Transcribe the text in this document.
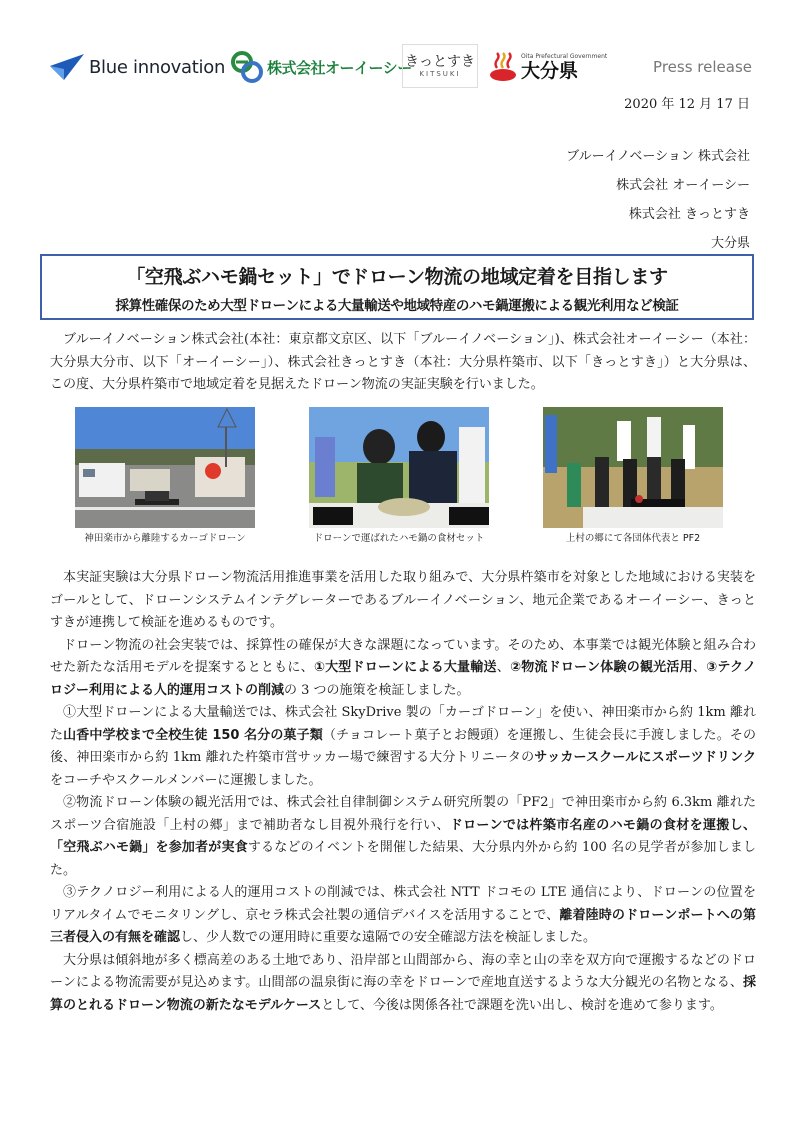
Blue innovation	株式会社オーイーシー
きっとすき
KITSUKI
Oita Prefectural Government
大分県	Press release
2020 年 12 月 17 日
ブルーイノベーション 株式会社
株式会社 オーイーシー
株式会社 きっとすき
大分県
「空飛ぶハモ鍋セット」でドローン物流の地域定着を目指します
採算性確保のため大型ドローンによる大量輸送や地域特産のハモ鍋運搬による観光利用など検証

ブルーイノベーション株式会社(本社：東京都文京区、以下「ブルーイノベーション」)、株式会社オーイーシー（本社：大分県大分市、以下「オーイーシー」）、株式会社きっとすき（本社：大分県杵築市、以下「きっとすき」）と大分県は、この度、大分県杵築市で地域定着を見据えたドローン物流の実証実験を行いました。

神田楽市から離陸するカーゴドローン	ドローンで運ばれたハモ鍋の食材セット	上村の郷にて各団体代表と PF2

本実証実験は大分県ドローン物流活用推進事業を活用した取り組みで、大分県杵築市を対象とした地域における実装をゴールとして、ドローンシステムインテグレーターであるブルーイノベーション、地元企業であるオーイーシー、きっとすきが連携して検証を進めるものです。

ドローン物流の社会実装では、採算性の確保が大きな課題になっています。そのため、本事業では観光体験と組み合わせた新たな活用モデルを提案するとともに、①大型ドローンによる大量輸送、②物流ドローン体験の観光活用、③テクノロジー利用による人的運用コストの削減の 3 つの施策を検証しました。

①大型ドローンによる大量輸送では、株式会社 SkyDrive 製の「カーゴドローン」を使い、神田楽市から約 1km 離れた山香中学校まで全校生徒 150 名分の菓子類（チョコレート菓子とお饅頭）を運搬し、生徒会長に手渡しました。その後、神田楽市から約 1km 離れた杵築市営サッカー場で練習する大分トリニータのサッカースクールにスポーツドリンクをコーチやスクールメンバーに運搬しました。

②物流ドローン体験の観光活用では、株式会社自律制御システム研究所製の「PF2」で神田楽市から約 6.3km 離れたスポーツ合宿施設「上村の郷」まで補助者なし目視外飛行を行い、ドローンでは杵築市名産のハモ鍋の食材を運搬し、「空飛ぶハモ鍋」を参加者が実食するなどのイベントを開催した結果、大分県内外から約 100 名の見学者が参加しました。

③テクノロジー利用による人的運用コストの削減では、株式会社 NTT ドコモの LTE 通信により、ドローンの位置をリアルタイムでモニタリングし、京セラ株式会社製の通信デバイスを活用することで、離着陸時のドローンポートへの第三者侵入の有無を確認し、少人数での運用時に重要な遠隔での安全確認方法を検証しました。

大分県は傾斜地が多く標高差のある土地であり、沿岸部と山間部から、海の幸と山の幸を双方向で運搬するなどのドローンによる物流需要が見込めます。山間部の温泉街に海の幸をドローンで産地直送するような大分観光の名物となる、採算のとれるドローン物流の新たなモデルケースとして、今後は関係各社で課題を洗い出し、検討を進めて参ります。
